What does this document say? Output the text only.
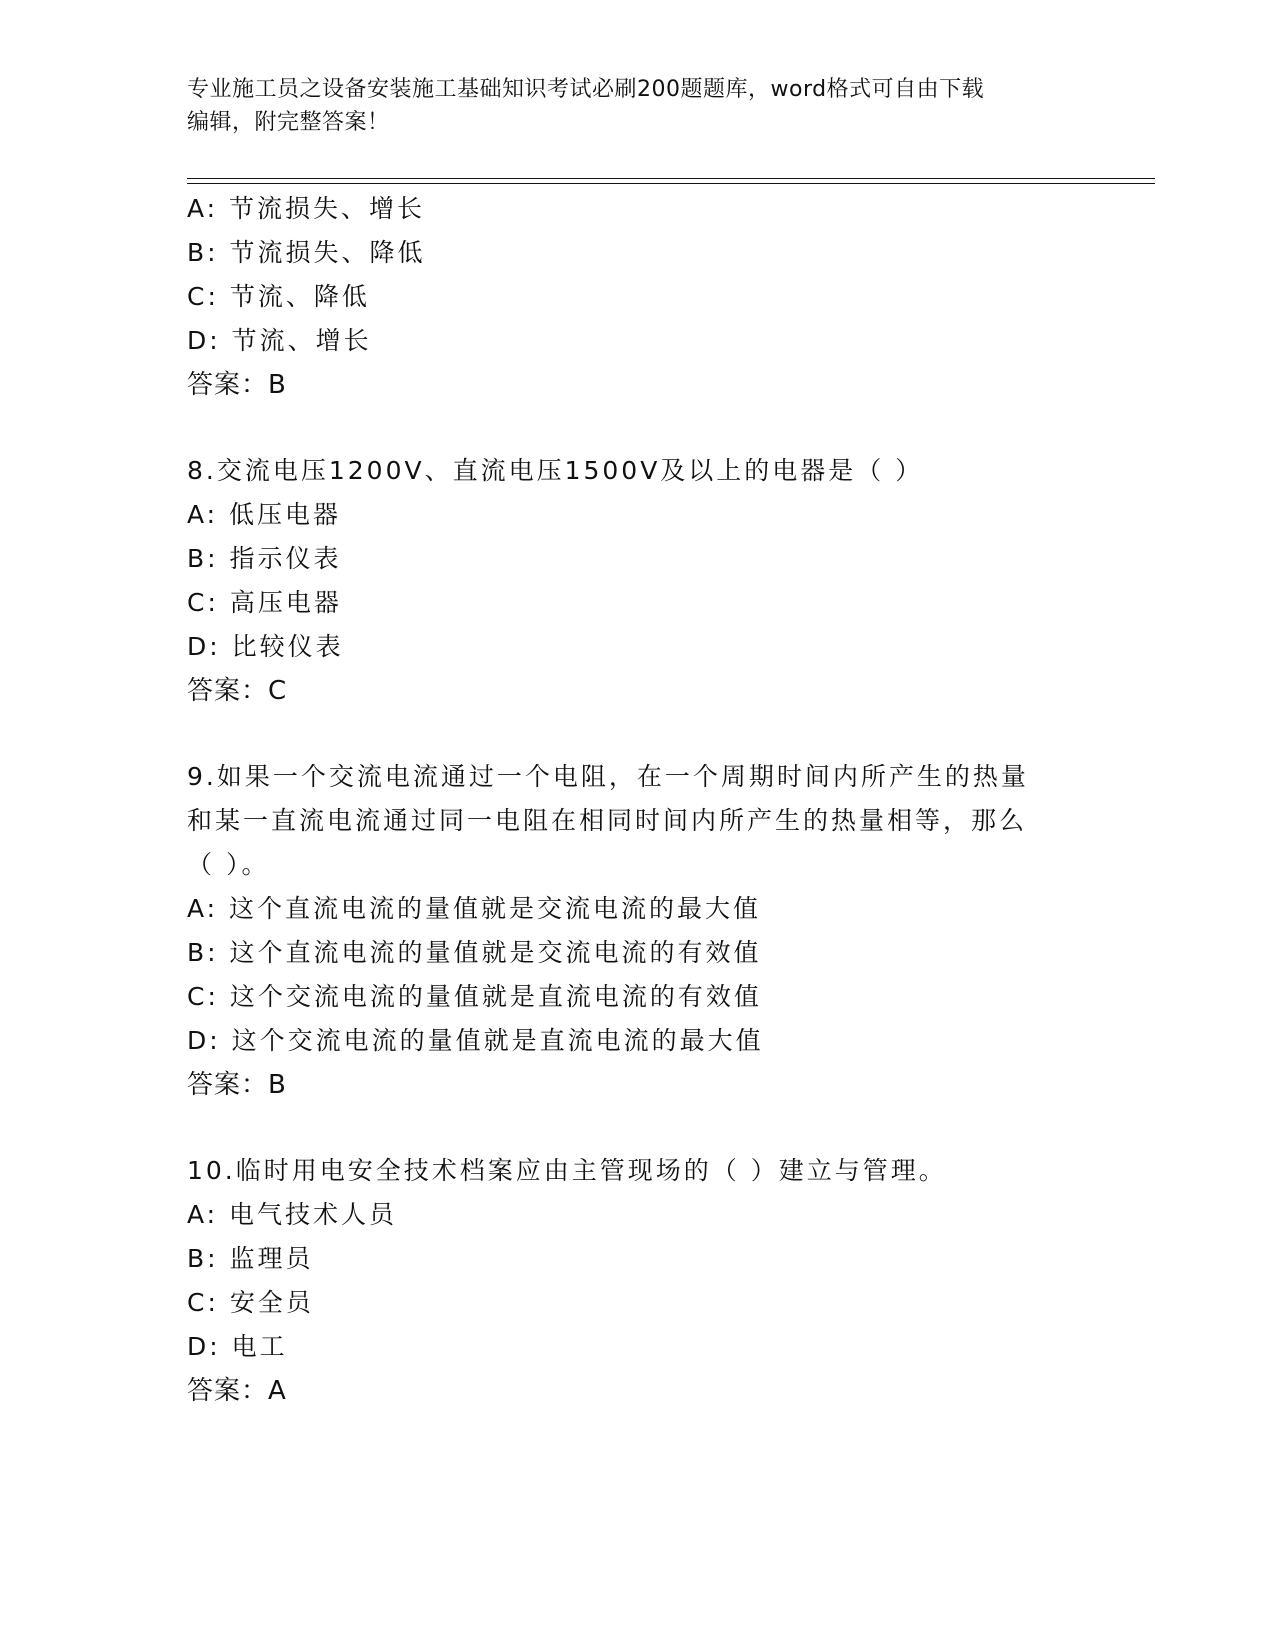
专业施工员之设备安装施工基础知识考试必刷200题题库，word格式可自由下载
编辑，附完整答案！
A: 节流损失、增长
B: 节流损失、降低
C: 节流、降低
D: 节流、增长
答案：B
8.交流电压1200V、直流电压1500V及以上的电器是（ ）
A: 低压电器
B: 指示仪表
C: 高压电器
D: 比较仪表
答案：C
9.如果一个交流电流通过一个电阻，在一个周期时间内所产生的热量
和某一直流电流通过同一电阻在相同时间内所产生的热量相等，那么
（ ）。
A: 这个直流电流的量值就是交流电流的最大值
B: 这个直流电流的量值就是交流电流的有效值
C: 这个交流电流的量值就是直流电流的有效值
D: 这个交流电流的量值就是直流电流的最大值
答案：B
10.临时用电安全技术档案应由主管现场的（ ）建立与管理。
A: 电气技术人员
B: 监理员
C: 安全员
D: 电工
答案：A
